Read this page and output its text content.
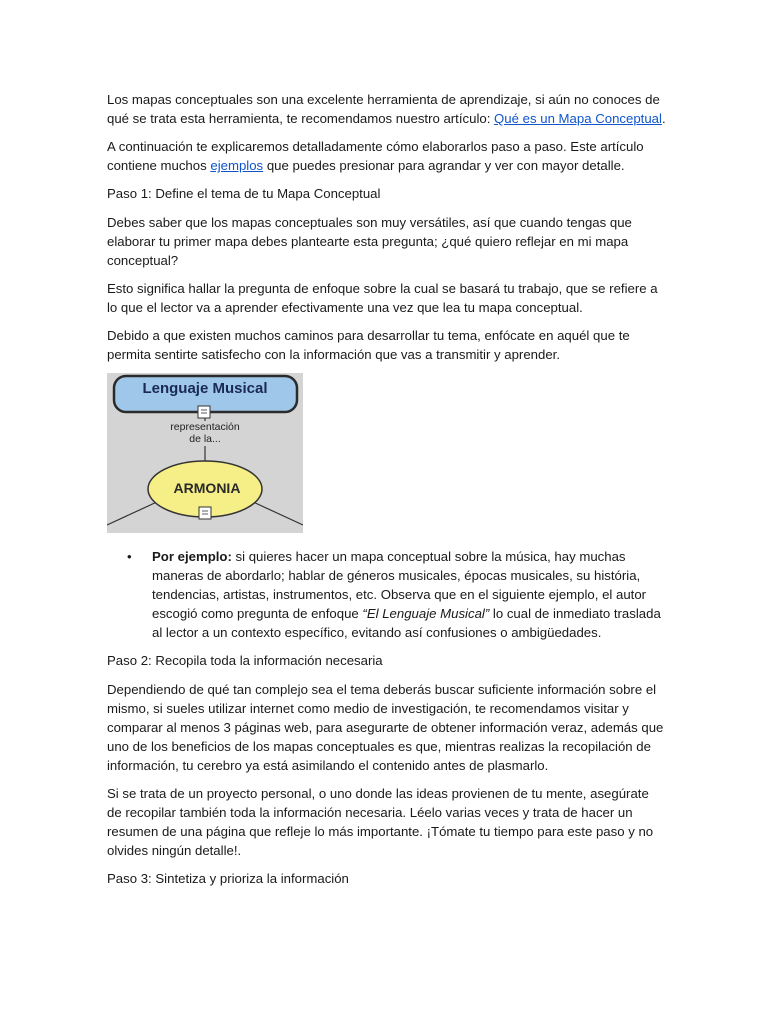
Los mapas conceptuales son una excelente herramienta de aprendizaje, si aún no conoces de qué se trata esta herramienta, te recomendamos nuestro artículo: Qué es un Mapa Conceptual.

A continuación te explicaremos detalladamente cómo elaborarlos paso a paso. Este artículo contiene muchos ejemplos que puedes presionar para agrandar y ver con mayor detalle.

Paso 1: Define el tema de tu Mapa Conceptual

Debes saber que los mapas conceptuales son muy versátiles, así que cuando tengas que elaborar tu primer mapa debes plantearte esta pregunta; ¿qué quiero reflejar en mi mapa conceptual?

Esto significa hallar la pregunta de enfoque sobre la cual se basará tu trabajo, que se refiere a lo que el lector va a aprender efectivamente una vez que lea tu mapa conceptual.

Debido a que existen muchos caminos para desarrollar tu tema, enfócate en aquél que te permita sentirte satisfecho con la información que vas a transmitir y aprender.

Lenguaje Musical
representación
de la...
ARMONIA
• Por ejemplo: si quieres hacer un mapa conceptual sobre la música, hay muchas maneras de abordarlo; hablar de géneros musicales, épocas musicales, su história, tendencias, artistas, instrumentos, etc. Observa que en el siguiente ejemplo, el autor escogió como pregunta de enfoque “El Lenguaje Musical” lo cual de inmediato traslada al lector a un contexto específico, evitando así confusiones o ambigüedades.

Paso 2: Recopila toda la información necesaria

Dependiendo de qué tan complejo sea el tema deberás buscar suficiente información sobre el mismo, si sueles utilizar internet como medio de investigación, te recomendamos visitar y comparar al menos 3 páginas web, para asegurarte de obtener información veraz, además que uno de los beneficios de los mapas conceptuales es que, mientras realizas la recopilación de información, tu cerebro ya está asimilando el contenido antes de plasmarlo.

Si se trata de un proyecto personal, o uno donde las ideas provienen de tu mente, asegúrate de recopilar también toda la información necesaria. Léelo varias veces y trata de hacer un resumen de una página que refleje lo más importante. ¡Tómate tu tiempo para este paso y no olvides ningún detalle!.

Paso 3: Sintetiza y prioriza la información
